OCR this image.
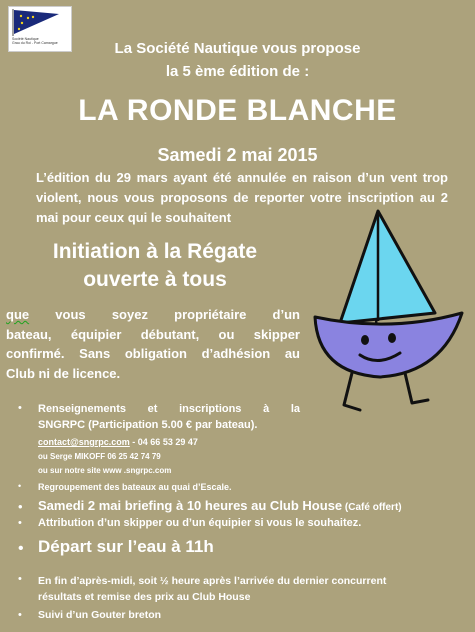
Société Nautique
Grau du Roi - Port Camargue	La Société Nautique vous propose
la 5 ème édition de :
LA RONDE BLANCHE
Samedi 2 mai 2015
L’édition du 29 mars ayant été annulée en raison d’un vent trop
violent, nous vous proposons de reporter votre inscription au 2
mai pour ceux qui le souhaitent
Initiation à la Régate
ouverte à tous
que vous soyez propriétaire d’un
bateau, équipier débutant, ou skipper
confirmé. Sans obligation d’adhésion au
Club ni de licence.
• Renseignements et inscriptions à la
SNGRPC (Participation 5.00 € par bateau).
contact@sngrpc.com - 04 66 53 29 47
ou Serge MIKOFF 06 25 42 74 79
ou sur notre site www .sngrpc.com
• Regroupement des bateaux au quai d’Escale.
• Samedi 2 mai briefing à 10 heures au Club House (Café offert)
• Attribution d’un skipper ou d’un équipier si vous le souhaitez.
• Départ sur l’eau à 11h
• En fin d’après-midi, soit ½ heure après l’arrivée du dernier concurrent
résultats et remise des prix au Club House
• Suivi d’un Gouter breton
